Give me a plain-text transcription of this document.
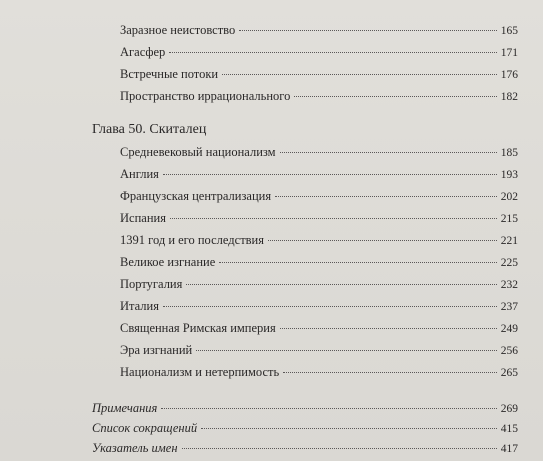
Заразное неистовство	165
Агасфер	171
Встречные потоки	176
Пространство иррационального	182
Глава 50. Скиталец
Средневековый национализм	185
Англия	193
Французская централизация	202
Испания	215
1391 год и его последствия	221
Великое изгнание	225
Португалия	232
Италия	237
Священная Римская империя	249
Эра изгнаний	256
Национализм и нетерпимость	265
Примечания	269
Список сокращений	415
Указатель имен	417
